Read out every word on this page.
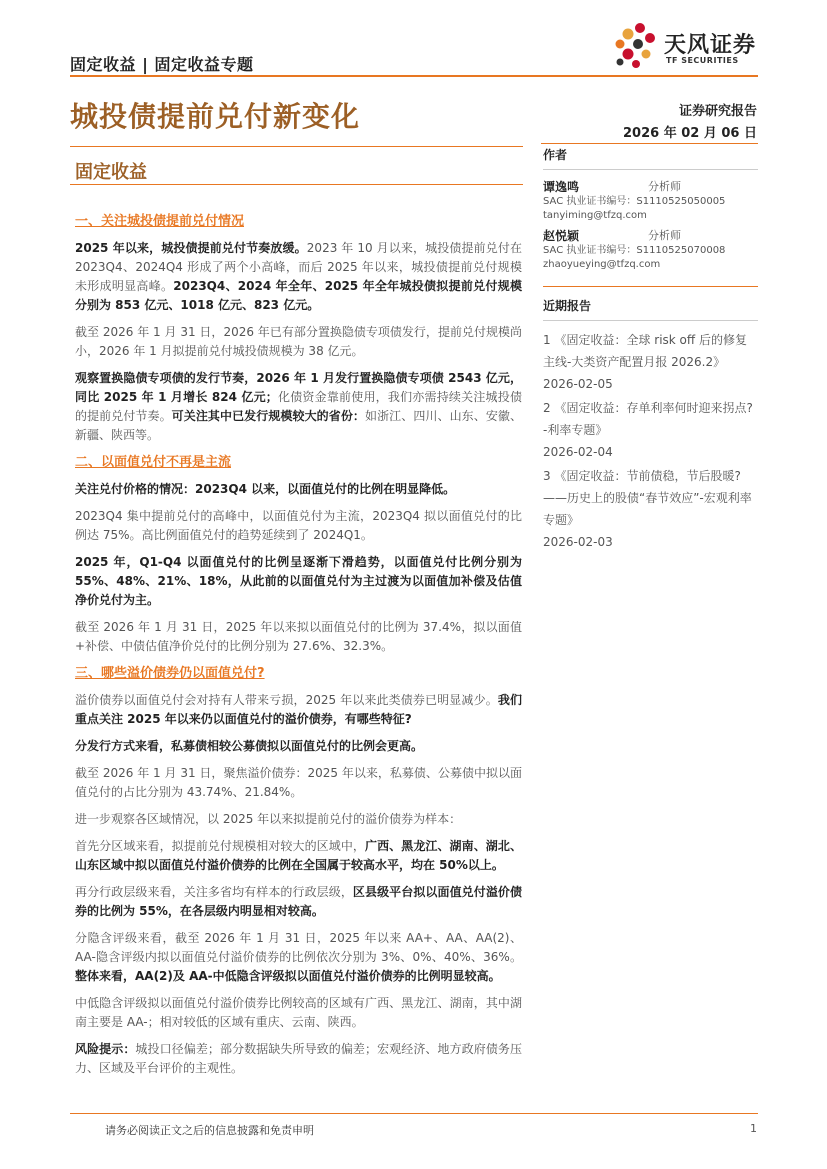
固定收益 | 固定收益专题
天风证券
TF SECURITIES
城投债提前兑付新变化	证券研究报告
2026 年 02 月 06 日
固定收益
一、关注城投债提前兑付情况

2025 年以来，城投债提前兑付节奏放缓。2023 年 10 月以来，城投债提前兑付在 2023Q4、2024Q4 形成了两个小高峰，而后 2025 年以来，城投债提前兑付规模未形成明显高峰。2023Q4、2024 年全年、2025 年全年城投债拟提前兑付规模分别为 853 亿元、1018 亿元、823 亿元。

截至 2026 年 1 月 31 日，2026 年已有部分置换隐债专项债发行，提前兑付规模尚小，2026 年 1 月拟提前兑付城投债规模为 38 亿元。

观察置换隐债专项债的发行节奏，2026 年 1 月发行置换隐债专项债 2543 亿元，同比 2025 年 1 月增长 824 亿元；化债资金靠前使用，我们亦需持续关注城投债的提前兑付节奏。可关注其中已发行规模较大的省份：如浙江、四川、山东、安徽、新疆、陕西等。

二、以面值兑付不再是主流

关注兑付价格的情况：2023Q4 以来，以面值兑付的比例在明显降低。

2023Q4 集中提前兑付的高峰中，以面值兑付为主流，2023Q4 拟以面值兑付的比例达 75%。高比例面值兑付的趋势延续到了 2024Q1。

2025 年，Q1-Q4 以面值兑付的比例呈逐渐下滑趋势，以面值兑付比例分别为 55%、48%、21%、18%，从此前的以面值兑付为主过渡为以面值加补偿及估值净价兑付为主。

截至 2026 年 1 月 31 日，2025 年以来拟以面值兑付的比例为 37.4%，拟以面值+补偿、中债估值净价兑付的比例分别为 27.6%、32.3%。

三、哪些溢价债券仍以面值兑付?

溢价债券以面值兑付会对持有人带来亏损，2025 年以来此类债券已明显减少。我们重点关注 2025 年以来仍以面值兑付的溢价债券，有哪些特征?

分发行方式来看，私募债相较公募债拟以面值兑付的比例会更高。

截至 2026 年 1 月 31 日，聚焦溢价债券：2025 年以来，私募债、公募债中拟以面值兑付的占比分别为 43.74%、21.84%。

进一步观察各区域情况，以 2025 年以来拟提前兑付的溢价债券为样本：

首先分区域来看，拟提前兑付规模相对较大的区域中，广西、黑龙江、湖南、湖北、山东区域中拟以面值兑付溢价债券的比例在全国属于较高水平，均在 50%以上。

再分行政层级来看，关注多省均有样本的行政层级，区县级平台拟以面值兑付溢价债券的比例为 55%，在各层级内明显相对较高。

分隐含评级来看，截至 2026 年 1 月 31 日，2025 年以来 AA+、AA、AA(2)、AA-隐含评级内拟以面值兑付溢价债券的比例依次分别为 3%、0%、40%、36%。整体来看，AA(2)及 AA-中低隐含评级拟以面值兑付溢价债券的比例明显较高。

中低隐含评级拟以面值兑付溢价债券比例较高的区域有广西、黑龙江、湖南，其中湖南主要是 AA-；相对较低的区域有重庆、云南、陕西。

风险提示：城投口径偏差；部分数据缺失所导致的偏差；宏观经济、地方政府债务压力、区域及平台评价的主观性。

作者
谭逸鸣	分析师
SAC 执业证书编号：S1110525050005
tanyiming@tfzq.com
赵悦颖	分析师
SAC 执业证书编号：S1110525070008
zhaoyueying@tfzq.com
近期报告
1 《固定收益：全球 risk off 后的修复主线-大类资产配置月报 2026.2》
2026-02-05
2 《固定收益：存单利率何时迎来拐点? -利率专题》
2026-02-04
3 《固定收益：节前债稳，节后股暖? ——历史上的股债“春节效应”-宏观利率专题》
2026-02-03
请务必阅读正文之后的信息披露和免责申明	1
